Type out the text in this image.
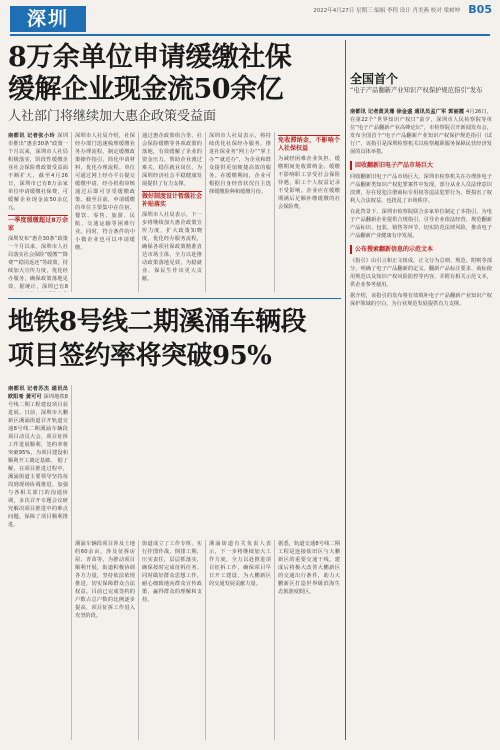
深圳	2022年4月27日 星期三 编辑 李程 设计 肖美燕 校对 梁树坤 B05
8万余单位申请缓缴社保
缓解企业现金流50余亿
人社部门将继续加大惠企政策受益面
南都讯 记者张小玲 深圳市推出“惠企30条”政策一个月以来，深圳市人社局积极落实，阶段性缓缴企业社会保险费政策受益面不断扩大，截至4月26日，深圳市已有8万余家单位申请缓缴社保费，可缓解企业现金流50余亿元。
一季度缓缴超过8万余家
深圳发布“惠企30条”政策一个月以来，深圳市人社局落实社会保险“缓缴”“降费”“稳岗返还”等政策，持续加大宣传力度，优化经办服务，确保政策落地见效。据统计，深圳已有8
深圳市人社局介绍，社保经办部门迅速梳理缓缴业务办理流程，制定缓缴政策操作指引，简化申请材料，优化办理流程。单位可通过网上经办平台提交缓缴申请，经办机构审核通过后即可享受缓缴政策。截至目前，申请缓缴的单位主要集中在住宿、餐饮、零售、旅游、民航、交通运输等困难行业。同时，符合条件的中小微企业也可以申请缓缴。
通过惠企政策组合拳，社会保险缓缴等各项政策的落地，有效缓解了企业的资金压力，帮助企业渡过难关，稳住就业岗位，为深圳经济社会平稳健康发展提供了有力支撑。
做好制度设计暂缓社会补贴落实
深圳市人社局表示，下一步将继续加大惠企政策宣传力度，扩大政策知晓度，优化经办服务流程，确保各项社保政策精准直达市场主体，全力以赴推动政策落地见效，为稳就业、保民生作出更大贡献。
深圳市人社局表示，将持续优化社保经办服务，推进社保业务“网上办”“掌上办”“就近办”，为企业和群众提供更加便捷高效的服务。在缓缴期间，企业可根据自身经营状况自主选择缓缴险种和缓缴月份。
免收滞纳金，不影响个人社保权益
为减轻困难企业负担，缓缴期间免收滞纳金。缓缴不影响职工享受社会保险待遇，职工个人权益记录不受影响。企业应在缓缴期满后足额补缴缓缴的社会保险费。
地铁8号线二期溪涌车辆段
项目签约率将突破95%
南都讯 记者苏杰 通讯员欧阳希 黄可可 深圳地铁8号线二期工程建设项目获进展。日前，深圳市大鹏新区溪涌街道召开轨道交通8号线二期溪涌车辆段项目动员大会，项目征拆工作进展顺利，签约率将突破95%，为项目建设和顺利开工奠定基础。 据了解，在项目推进过程中，溪涌街道主要领导坚持每周到现场协调推进，加强与各相关部门的沟通协调，多次召开专题会议研究解决项目推进中的难点问题，保障了项目顺利推进。
溪涌车辆段项目涉及土地约60余亩，涉及征拆房屋、青苗等，为推动项目顺利开展，街道积极协调各方力量，坚持依法依规推进，切实保障群众合法权益。目前已完成签约的户数占总户数的比例逐步提高，项目征拆工作进入攻坚阶段。
街道成立了工作专班，实行挂图作战，倒排工期，压实责任，层层抓落实，确保按时完成征拆任务。同时做好群众思想工作，耐心细致地向群众宣传政策，赢得群众的理解和支持。
溪涌街道有关负责人表示，下一步将继续加大工作力度，全力以赴推进项目征拆工作，确保项目早日开工建设，为大鹏新区的交通发展贡献力量。
据悉，轨道交通8号线二期工程是连接盐田区与大鹏新区的重要交通干线，建成后将极大改善大鹏新区的交通出行条件，助力大鹏新区打造世界级滨海生态旅游度假区。
全国首个
“电子产品翻新产业知识产权保护规范指引”发布
南都讯 记者黄灵珊 徐金盛 通讯员孟广军 郭丽霞 4月26日，在第22个“世界知识产权日”前夕，深圳市人民检察院等单位“电子产品翻新产业高峰论坛”，市检察院召开新闻发布会，发布全国首个“电子产品翻新产业知识产权保护规范指引（试行）”，该指引是深圳检察机关以检察履职服务保障民营经济发展的具体举措。
回收翻新旧电子产品市场巨大
回收翻新旧电子产品市场巨大。深圳市检察机关在办理涉电子产品翻新类知识产权犯罪案件中发现，部分从业人员法律意识淡薄，存在侵犯注册商标专用权等违法犯罪行为，既损害了权利人合法权益，也扰乱了市场秩序。
在此背景下，深圳市检察院联合多家单位制定了本指引，为电子产品翻新企业提供合规指引，引导企业依法经营，规范翻新产品标识、包装、销售等环节，切实防范法律风险，推动电子产品翻新产业健康有序发展。
公布搜索翻新信息的示范文本
《指引》由引言和正文组成，正文分为总则、规范、附则等部分，明确了电子产品翻新的定义、翻新产品标注要求、商标使用规范以及知识产权风险防控等内容，并附有相关示范文本，供企业参考使用。
据介绍，该指引的发布将有效填补电子产品翻新产业知识产权保护领域的空白，为行业规范发展提供有力支撑。
